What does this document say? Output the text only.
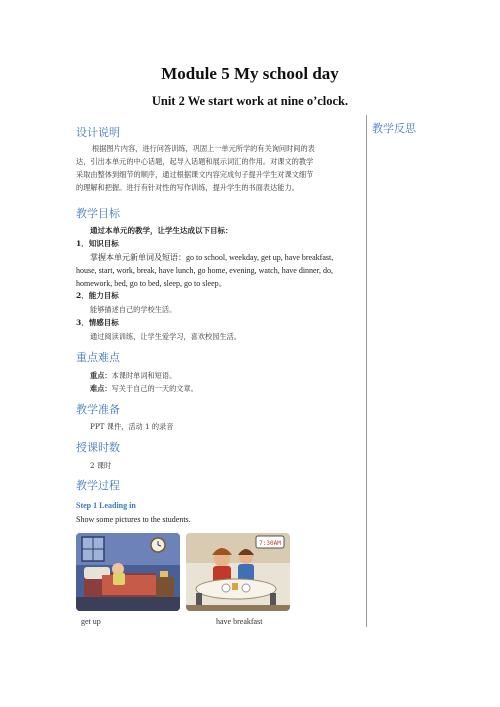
Module 5 My school day
Unit 2 We start work at nine o’clock.
教学反思
设计说明
根据图片内容，进行问答训练，巩固上一单元所学的有关询问时间的表
达，引出本单元的中心话题，起导入话题和展示词汇的作用。对课文的教学
采取由整体到细节的顺序，通过根据课文内容完成句子提升学生对课文细节
的理解和把握。进行有针对性的写作训练，提升学生的书面表达能力。
教学目标
通过本单元的教学，让学生达成以下目标：
1．知识目标
掌握本单元新单词及短语：go to school, weekday, get up, have breakfast,
house, start, work, break, have lunch, go home, evening, watch, have dinner, do,
homework, bed, go to bed, sleep, go to sleep。
2．能力目标
能够描述自己的学校生活。
3．情感目标
通过阅读训练，让学生爱学习，喜欢校园生活。
重点难点
重点：本课时单词和短语。
难点：写关于自己的一天的文章。
教学准备
PPT 课件，活动 1 的录音
授课时数
2 课时
教学过程
Step 1 Leading in
Show some pictures to the students.
7:30AM
get up	have breakfast
